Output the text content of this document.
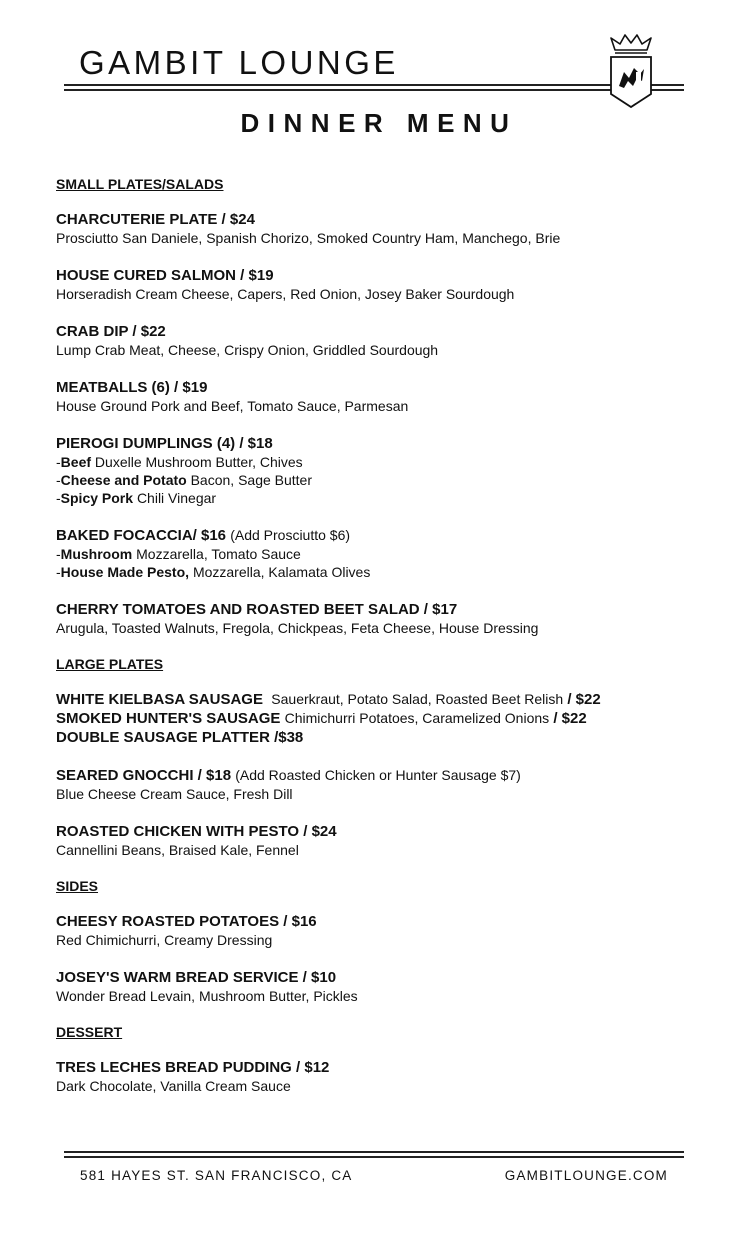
GAMBIT LOUNGE
DINNER MENU
SMALL PLATES/SALADS
CHARCUTERIE PLATE / $24
Prosciutto San Daniele, Spanish Chorizo, Smoked Country Ham, Manchego, Brie
HOUSE CURED SALMON / $19
Horseradish Cream Cheese, Capers, Red Onion, Josey Baker Sourdough
CRAB DIP / $22
Lump Crab Meat, Cheese, Crispy Onion, Griddled Sourdough
MEATBALLS (6) / $19
House Ground Pork and Beef, Tomato Sauce, Parmesan
PIEROGI DUMPLINGS (4) / $18
-Beef Duxelle Mushroom Butter, Chives
-Cheese and Potato Bacon, Sage Butter
-Spicy Pork Chili Vinegar
BAKED FOCACCIA/ $16 (Add Prosciutto $6)
-Mushroom Mozzarella, Tomato Sauce
-House Made Pesto, Mozzarella, Kalamata Olives
CHERRY TOMATOES AND ROASTED BEET SALAD / $17
Arugula, Toasted Walnuts, Fregola, Chickpeas, Feta Cheese, House Dressing
LARGE PLATES
WHITE KIELBASA SAUSAGE Sauerkraut, Potato Salad, Roasted Beet Relish / $22
SMOKED HUNTER'S SAUSAGE Chimichurri Potatoes, Caramelized Onions / $22
DOUBLE SAUSAGE PLATTER /$38
SEARED GNOCCHI / $18 (Add Roasted Chicken or Hunter Sausage $7)
Blue Cheese Cream Sauce, Fresh Dill
ROASTED CHICKEN WITH PESTO / $24
Cannellini Beans, Braised Kale, Fennel
SIDES
CHEESY ROASTED POTATOES / $16
Red Chimichurri, Creamy Dressing
JOSEY'S WARM BREAD SERVICE / $10
Wonder Bread Levain, Mushroom Butter, Pickles
DESSERT
TRES LECHES BREAD PUDDING / $12
Dark Chocolate, Vanilla Cream Sauce
581 HAYES ST. SAN FRANCISCO, CA	GAMBITLOUNGE.COM
